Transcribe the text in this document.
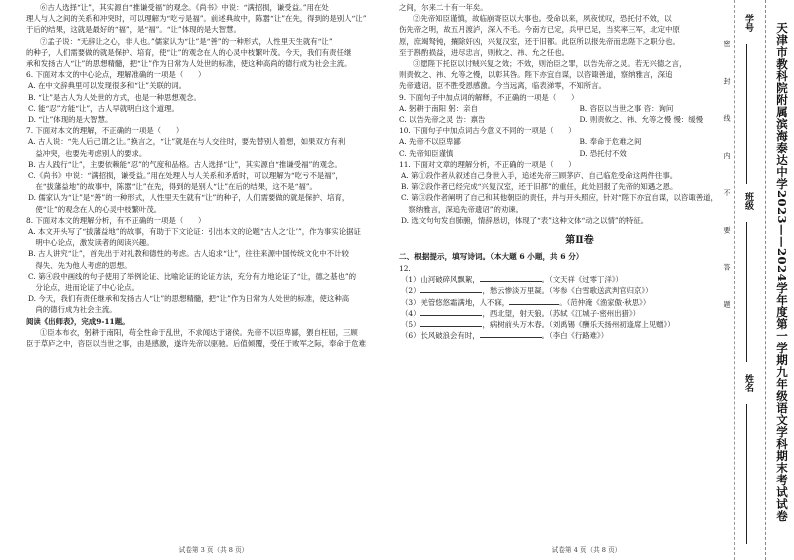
⑥古人选择“让”，其实源自“推谦受福”的观念。《尚书》中说：“满招损，谦受益。”用在处

理人与人之间的关系和冲突时，可以理解为“吃亏是福”。前述典故中，陈嚣“让”在先，得到的是别人“让”

于后的结果，这就是最好的“福”，是“福”。“让”体现的是大智慧。

⑦孟子说：“无辞让之心，非人也。”儒家认为“让”是“善”的一种形式，人性里天生就有“让”

的种子，人们需要做的就是保护、培育，使“让”的观念在人的心灵中枝繁叶茂。今天，我们有责任继

承和发扬古人“让”的思想精髓，把“让”作为日常为人处世的标准，使这种高尚的德行成为社会主流。

6. 下面对本文的中心论点，理解准确的一项是（　　）

A. 在中文辞典里可以发现很多和“让”关联的词。

B. “让”是古人为人处世的方式，也是一种思想观念。

C. 能“忍”方能“让”，古人早就明白这个道理。

D. “让”体现的是大智慧。

7. 下面对本文的理解，不正确的一项是（　　）

A. 古人说：“先人后己谓之让。”换言之，“让”就是在与人交往时，要先替别人着想，如果双方有利

　益冲突，也要先考虑别人的要求。

B. 古人践行“让”，主要依赖能“忍”的气度和品格。古人选择“让”，其实源自“推谦受福”的观念。

C.《尚书》中说：“满招损，谦受益。”用在处理人与人关系和矛盾时，可以理解为“吃亏不是福”，

　在“拔藩益地”的故事中，陈嚣“让”在先，得到的是别人“让”在后的结果，这不是“福”。

D. 儒家认为“让”是“善”的一种形式，人性里天生就有“让”的种子，人们需要做的就是保护、培育，

　使“让”的观念在人的心灵中枝繁叶茂。

8. 下面对本文的理解分析，有不正确的一项是（　　）

A. 本文开头写了“拔藩益地”的故事，有助于下文论证：引出本文的论题“古人之‘让’”，作为事实论据证

　明中心论点，激发读者的阅读兴趣。

B. 古人讲究“让”，首先出于对礼教和德性的考虑。古人追求“让”，往往来源中国传统文化中不计较

　得失、先为他人考虑的思想。

C. 第④段中画线的句子使用了举例论证、比喻论证的论证方法，充分有力地论证了“让，德之基也”的

　分论点，进而论证了中心论点。

D. 今天，我们有责任继承和发扬古人“让”的思想精髓，把“让”作为日常为人处世的标准，使这种高

　尚的德行成为社会主流。

阅读《出师表》，完成9-11题。

①臣本布衣，躬耕于南阳，苟全性命于乱世，不求闻达于诸侯。先帝不以臣卑鄙，猥自枉屈，三顾

臣于草庐之中，咨臣以当世之事，由是感激，遂许先帝以驱驰。后值倾覆，受任于败军之际，奉命于危难

试卷第 3 页（共 8 页）

之间，尔来二十有一年矣。

②先帝知臣谨慎，故临崩寄臣以大事也。受命以来，夙夜忧叹，恐托付不效，以

伤先帝之明，故五月渡泸，深入不毛。今南方已定，兵甲已足，当奖率三军，北定中原

原，庶竭驽钝，攘除奸凶，兴复汉室，还于旧都。此臣所以报先帝而忠陛下之职分也。

至于斟酌损益，进尽忠言，则攸之、祎、允之任也。

③愿陛下托臣以讨贼兴复之效；不效，则治臣之罪，以告先帝之灵。若无兴德之言，

则责攸之、祎、允等之慢，以彰其咎。陛下亦宜自谋，以咨诹善道，察纳雅言，深追

先帝遗诏。臣不胜受恩感激。今当远离，临表涕零，不知所言。

9. 下面句子中加点词的解释，不正确的一项是（　　）

A. 躬耕于南阳 躬：亲自	B. 咨臣以当世之事 咨：询问
C. 以告先帝之灵 告：禀告	D. 则责攸之、祎、允等之慢 慢：缓慢

10. 下面句子中加点词古今意义不同的一项是（　　）

A. 先帝不以臣卑鄙	B. 奉命于危难之间
C. 先帝知臣谨慎	D. 恐托付不效

11. 下面对文章的理解分析，不正确的一项是（　　）

A. 第①段作者从叙述自己身世入手，追述先帝三顾茅庐、自己临危受命这两件往事。

B. 第②段作者已经完成“兴复汉室，还于旧都”的重任，此处回报了先帝的知遇之恩。

C. 第③段作者阐明了自己和其他朝臣的责任，并与开头照应，针对“陛下亦宜自谋，以咨诹善道，

　察纳雅言，深追先帝遗诏”的劝谏。

D. 选文句句发自肺腑，情辞恳切，体现了“表”这种文体“动之以情”的特征。

第Ⅱ卷
二、根据提示，填写诗词。（本大题 6 小题，共 6 分）

12.

（1）山河破碎风飘絮，	。（文天祥《过零丁洋》）

（2）	，愁云惨淡万里凝。（岑参《白雪歌送武判官归京》）

（3）羌管悠悠霜满地，人不寐，	。（范仲淹《渔家傲·秋思》）

（4）	，西北望，射天狼。（苏轼《江城子·密州出猎》）

（5）	，病树前头万木春。（刘禹锡《酬乐天扬州初逢席上见赠》）

（6）长风破浪会有时，	。（李白《行路难》）

试卷第 4 页（共 8 页）
密 封 线 内 不 要 答 题
学号
班级
姓名 天津市教科院附属滨海泰达中学2023——2024学年度第一学期九年级语文学科期末考试试卷
